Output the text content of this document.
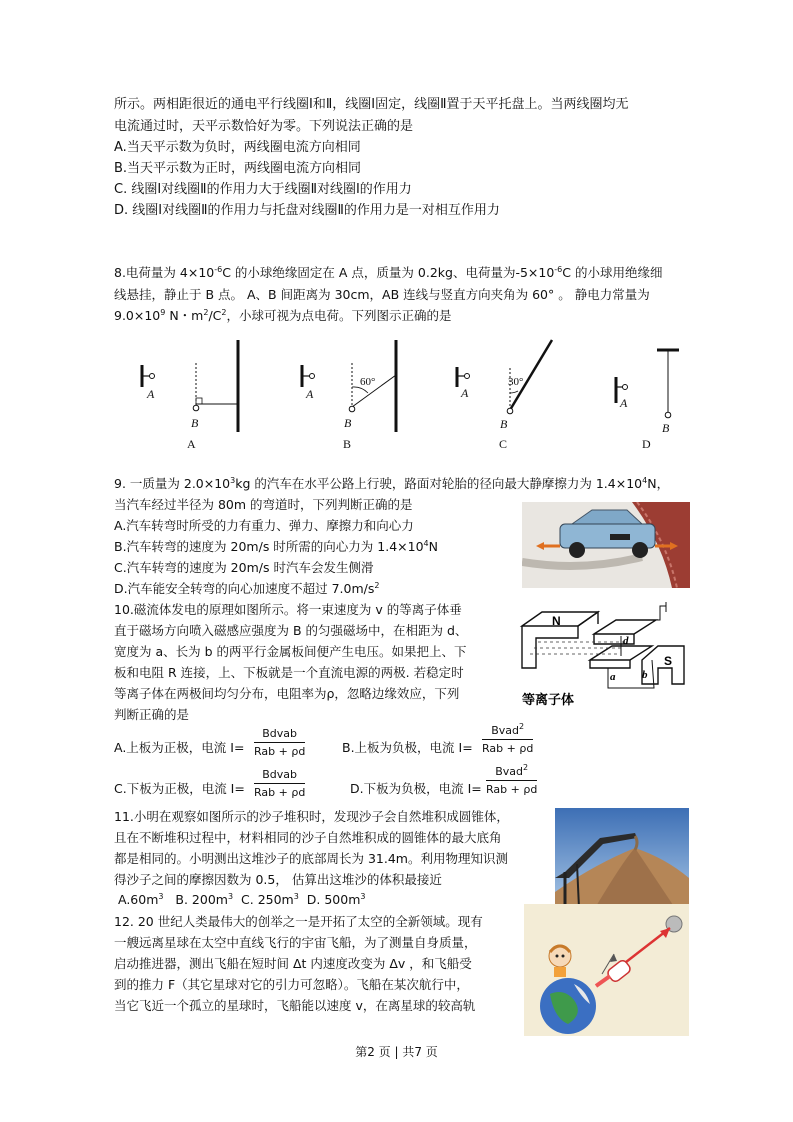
所示。两相距很近的通电平行线圈Ⅰ和Ⅱ，线圈Ⅰ固定，线圈Ⅱ置于天平托盘上。当两线圈均无
电流通过时，天平示数恰好为零。下列说法正确的是
A.当天平示数为负时，两线圈电流方向相同
B.当天平示数为正时，两线圈电流方向相同
C. 线圈Ⅰ对线圈Ⅱ的作用力大于线圈Ⅱ对线圈Ⅰ的作用力
D. 线圈Ⅰ对线圈Ⅱ的作用力与托盘对线圈Ⅱ的作用力是一对相互作用力
8.电荷量为 $4\times 10^{-6}C$ 的小球绝缘固定在 A 点，质量为 0.2kg、电荷量为$-5\times 10^{-6}C$ 的小球用绝缘细
线悬挂，静止于 B 点。 A、B 间距离为 30cm，AB 连线与竖直方向夹角为 60° 。 静电力常量为
$9.0\times 10^9$ N・$m^2/C^2$，小球可视为点电荷。下列图示正确的是
A
B
A
A
60°
B
B
A
30°
B
C
A
B
D
9. 一质量为 $2.0\times 10^3kg$ 的汽车在水平公路上行驶，路面对轮胎的径向最大静摩擦力为 $1.4\times 10^4N$，
当汽车经过半径为 80m 的弯道时，下列判断正确的是
A.汽车转弯时所受的力有重力、弹力、摩擦力和向心力
B.汽车转弯的速度为 20m/s 时所需的向心力为 $1.4\times 10^4N$
C.汽车转弯的速度为 20m/s 时汽车会发生侧滑
D.汽车能安全转弯的向心加速度不超过 $7.0m/s^2$
10.磁流体发电的原理如图所示。将一束速度为 v 的等离子体垂
直于磁场方向喷入磁感应强度为 B 的匀强磁场中，在相距为 d、
宽度为 a、长为 b 的两平行金属板间便产生电压。如果把上、下
板和电阻 R 连接，上、下板就是一个直流电源的两极. 若稳定时
等离子体在两极间均匀分布，电阻率为ρ，忽略边缘效应，下列
判断正确的是
N
S
d
a b
等离子体
A.上板为正极，电流 I=
Bdvab
Rab + ρd	B.上板为负极，电流 I=
Bvad$^2$
Rab + ρd
C.下板为正极，电流 I=
Bdvab
Rab + ρd	D.下板为负极，电流 I=
Bvad$^2$
Rab + ρd
11.小明在观察如图所示的沙子堆积时，发现沙子会自然堆积成圆锥体，
且在不断堆积过程中，材料相同的沙子自然堆积成的圆锥体的最大底角
都是相同的。小明测出这堆沙子的底部周长为 31.4m。利用物理知识测
得沙子之间的摩擦因数为 0.5， 估算出这堆沙的体积最接近
$A.60m^3$ B. $200m^3$ C. $250m^3$ D. $500m^3$
12. 20 世纪人类最伟大的创举之一是开拓了太空的全新领域。现有
一艘远离星球在太空中直线飞行的宇宙飞船，为了测量自身质量，
启动推进器，测出飞船在短时间 Δt 内速度改变为 Δv ，和飞船受
到的推力 F（其它星球对它的引力可忽略）。飞船在某次航行中，
当它飞近一个孤立的星球时，飞船能以速度 v，在离星球的较高轨
第2 页 | 共7 页
